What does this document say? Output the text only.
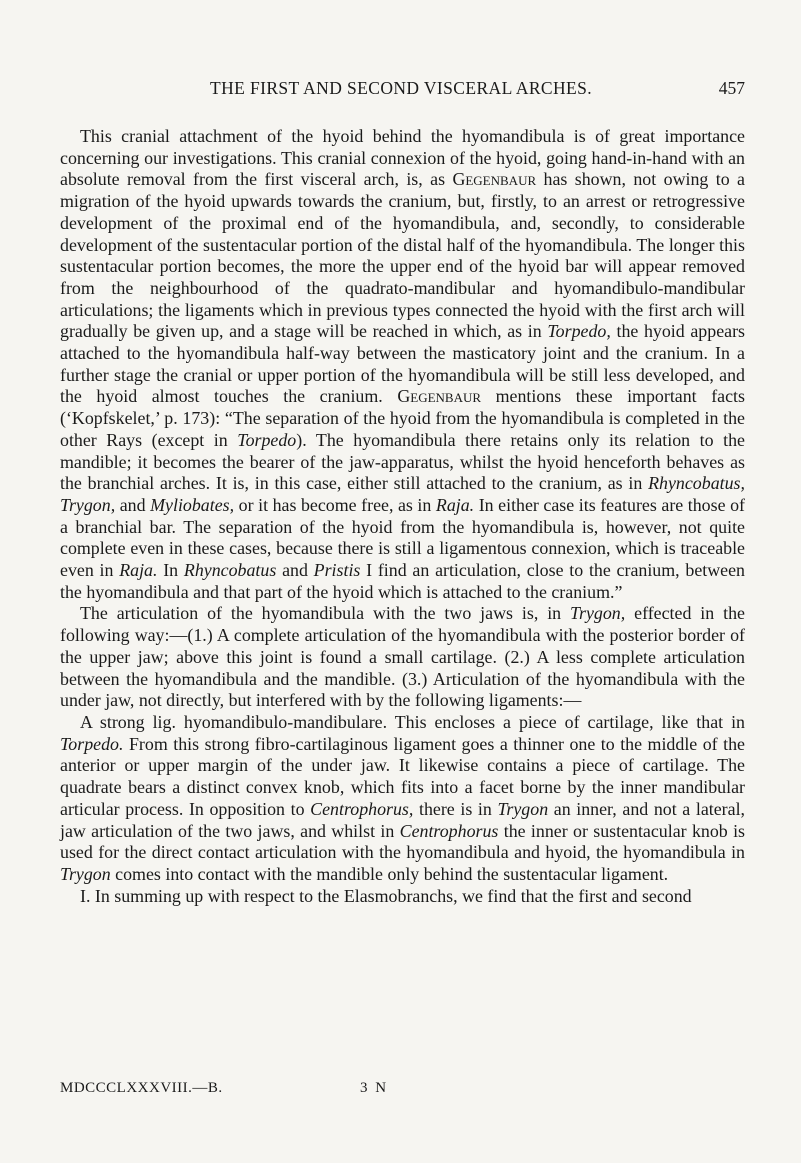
THE FIRST AND SECOND VISCERAL ARCHES.	457

This cranial attachment of the hyoid behind the hyomandibula is of great importance concerning our investigations. This cranial connexion of the hyoid, going hand-in-hand with an absolute removal from the first visceral arch, is, as Gegenbaur has shown, not owing to a migration of the hyoid upwards towards the cranium, but, firstly, to an arrest or retrogressive development of the proximal end of the hyomandibula, and, secondly, to considerable development of the sustentacular portion of the distal half of the hyomandibula. The longer this sustentacular portion becomes, the more the upper end of the hyoid bar will appear removed from the neighbourhood of the quadrato-mandibular and hyomandibulo-mandibular articulations; the ligaments which in previous types connected the hyoid with the first arch will gradually be given up, and a stage will be reached in which, as in Torpedo, the hyoid appears attached to the hyomandibula half-way between the masticatory joint and the cranium. In a further stage the cranial or upper portion of the hyomandibula will be still less developed, and the hyoid almost touches the cranium. Gegenbaur mentions these important facts (‘Kopfskelet,’ p. 173): “The separation of the hyoid from the hyomandibula is completed in the other Rays (except in Torpedo). The hyomandibula there retains only its relation to the mandible; it becomes the bearer of the jaw-apparatus, whilst the hyoid henceforth behaves as the branchial arches. It is, in this case, either still attached to the cranium, as in Rhyncobatus, Trygon, and Myliobates, or it has become free, as in Raja. In either case its features are those of a branchial bar. The separation of the hyoid from the hyomandibula is, however, not quite complete even in these cases, because there is still a ligamentous connexion, which is traceable even in Raja. In Rhyncobatus and Pristis I find an articulation, close to the cranium, between the hyomandibula and that part of the hyoid which is attached to the cranium.”

The articulation of the hyomandibula with the two jaws is, in Trygon, effected in the following way:—(1.) A complete articulation of the hyomandibula with the posterior border of the upper jaw; above this joint is found a small cartilage. (2.) A less complete articulation between the hyomandibula and the mandible. (3.) Articulation of the hyomandibula with the under jaw, not directly, but interfered with by the following ligaments:—

A strong lig. hyomandibulo-mandibulare. This encloses a piece of cartilage, like that in Torpedo. From this strong fibro-cartilaginous ligament goes a thinner one to the middle of the anterior or upper margin of the under jaw. It likewise contains a piece of cartilage. The quadrate bears a distinct convex knob, which fits into a facet borne by the inner mandibular articular process. In opposition to Centrophorus, there is in Trygon an inner, and not a lateral, jaw articulation of the two jaws, and whilst in Centrophorus the inner or sustentacular knob is used for the direct contact articulation with the hyomandibula and hyoid, the hyomandibula in Trygon comes into contact with the mandible only behind the sustentacular ligament.

I. In summing up with respect to the Elasmobranchs, we find that the first and second

MDCCCLXXXVIII.—B.	3 N
